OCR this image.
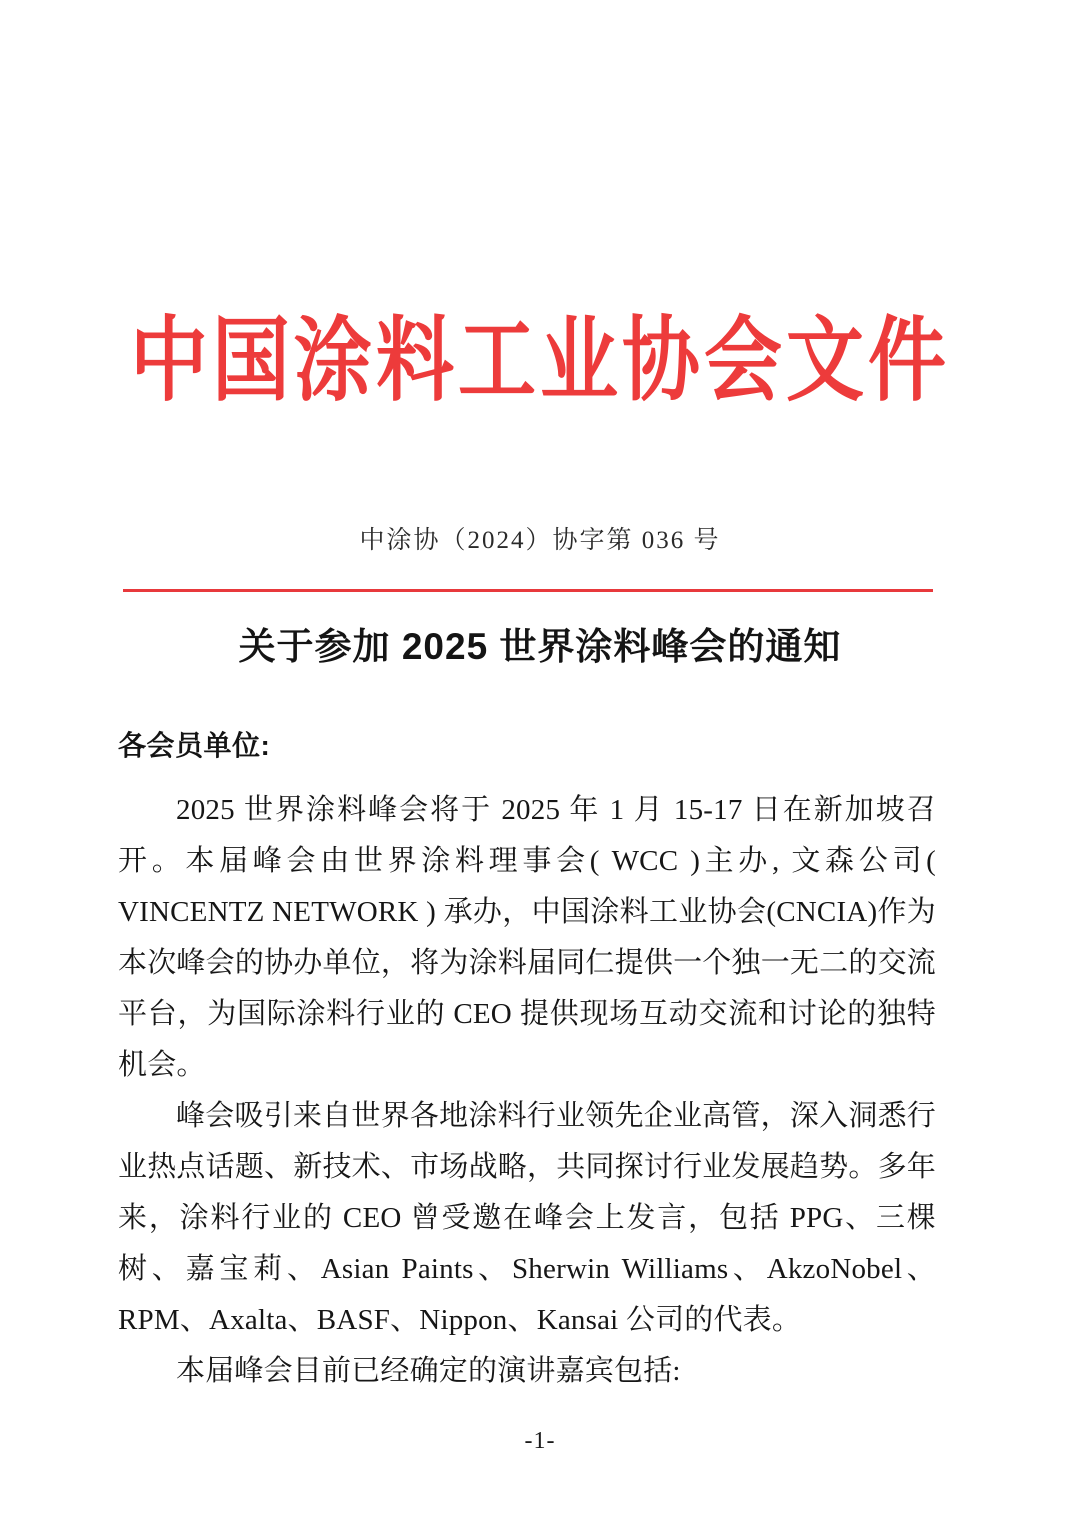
中国涂料工业协会文件
中涂协（2024）协字第 036 号
关于参加 2025 世界涂料峰会的通知

各会员单位:

2025 世界涂料峰会将于 2025 年 1 月 15-17 日在新加坡召开。本届峰会由世界涂料理事会( WCC )主办, 文森公司( VINCENTZ NETWORK ) 承办，中国涂料工业协会(CNCIA)作为本次峰会的协办单位，将为涂料届同仁提供一个独一无二的交流平台，为国际涂料行业的 CEO 提供现场互动交流和讨论的独特机会。

峰会吸引来自世界各地涂料行业领先企业高管，深入洞悉行业热点话题、新技术、市场战略，共同探讨行业发展趋势。多年来，涂料行业的 CEO 曾受邀在峰会上发言，包括 PPG、三棵树、嘉宝莉、Asian Paints、Sherwin Williams、AkzoNobel、RPM、Axalta、BASF、Nippon、Kansai 公司的代表。

本届峰会目前已经确定的演讲嘉宾包括:

-1-
